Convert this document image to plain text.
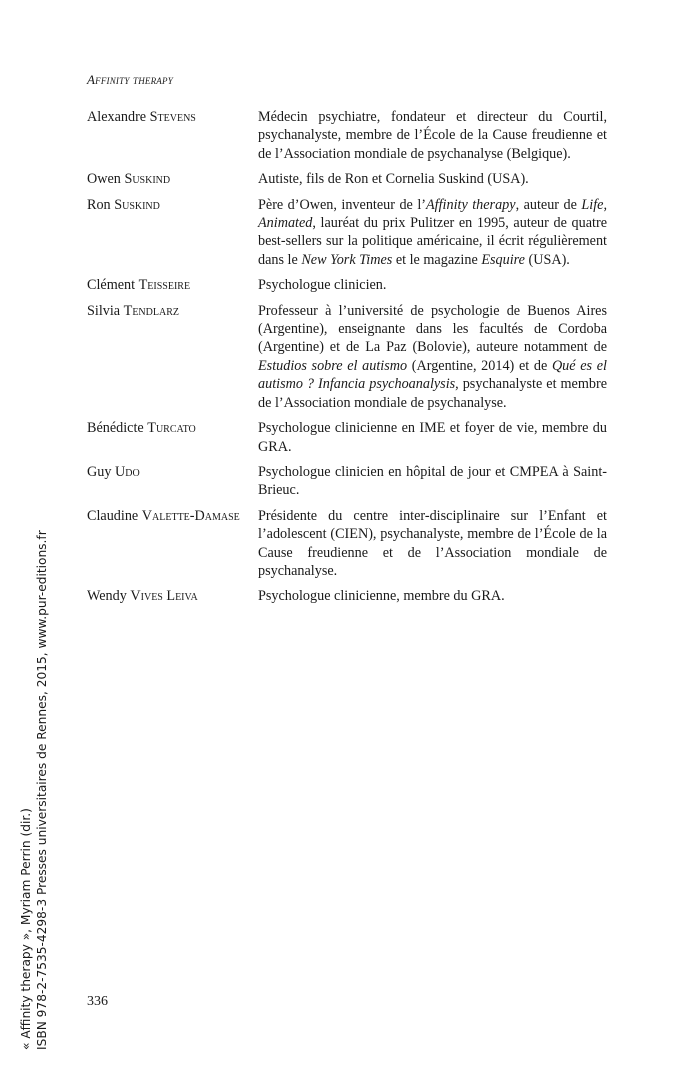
Affinity therapy
Alexandre Stevens	Médecin psychiatre, fondateur et directeur du Courtil, psychanalyste, membre de l’École de la Cause freudienne et de l’Association mondiale de psychanalyse (Belgique).
Owen Suskind	Autiste, fils de Ron et Cornelia Suskind (USA).
Ron Suskind	Père d’Owen, inventeur de l’Affinity therapy, auteur de Life, Animated, lauréat du prix Pulitzer en 1995, auteur de quatre best-sellers sur la politique américaine, il écrit régulièrement dans le New York Times et le magazine Esquire (USA).
Clément Teisseire	Psychologue clinicien.
Silvia Tendlarz	Professeur à l’université de psychologie de Buenos Aires (Argentine), enseignante dans les facultés de Cordoba (Argentine) et de La Paz (Bolovie), auteure notamment de Estudios sobre el autismo (Argentine, 2014) et de Qué es el autismo ? Infancia psychoanalysis, psychanalyste et membre de l’Association mondiale de psychanalyse.
Bénédicte Turcato	Psychologue clinicienne en IME et foyer de vie, membre du GRA.
Guy Udo	Psychologue clinicien en hôpital de jour et CMPEA à Saint-Brieuc.
Claudine Valette-Damase	Présidente du centre inter-disciplinaire sur l’Enfant et l’adolescent (CIEN), psychanalyste, membre de l’École de la Cause freudienne et de l’Association mondiale de psychanalyse.
Wendy Vives Leiva	Psychologue clinicienne, membre du GRA.
336
« Affinity therapy », Myriam Perrin (dir.) ISBN 978-2-7535-4298-3 Presses universitaires de Rennes, 2015, www.pur-editions.fr
